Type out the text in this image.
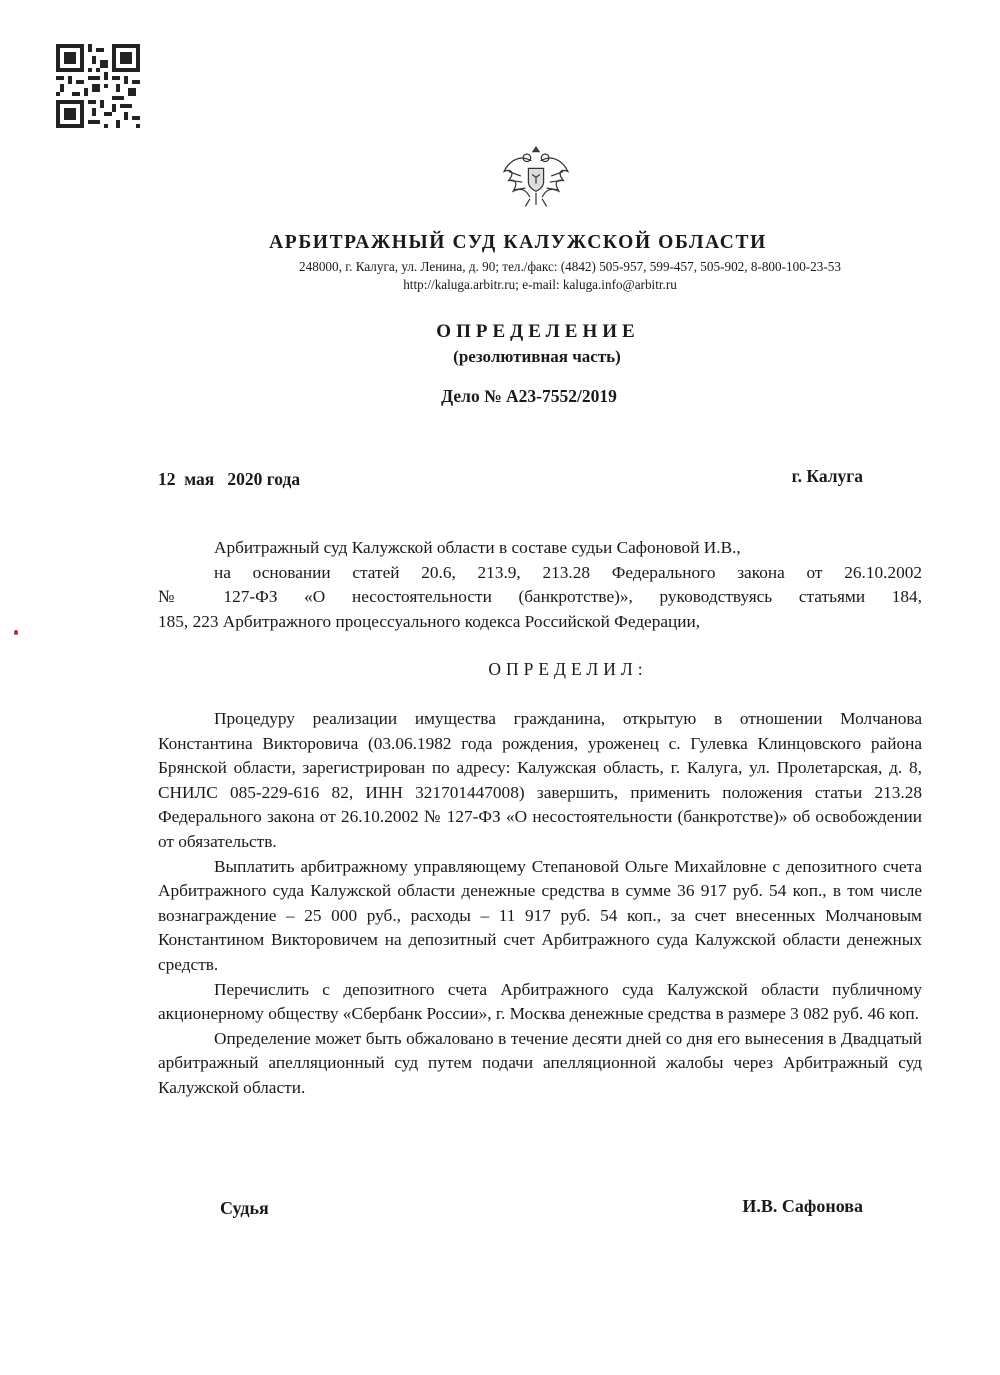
АРБИТРАЖНЫЙ СУД КАЛУЖСКОЙ ОБЛАСТИ
248000, г. Калуга, ул. Ленина, д. 90; тел./факс: (4842) 505-957, 599-457, 505-902, 8-800-100-23-53
http://kaluga.arbitr.ru; e-mail: kaluga.info@arbitr.ru
ОПРЕДЕЛЕНИЕ
(резолютивная часть)
Дело № А23-7552/2019
12  мая   2020 года	г. Калуга
Арбитражный суд Калужской области в составе судьи Сафоновой И.В.,
на основании статей 20.6, 213.9, 213.28 Федерального закона от 26.10.2002
№ 127-ФЗ «О несостоятельности (банкротстве)», руководствуясь статьями 184,
185, 223 Арбитражного процессуального кодекса Российской Федерации,
ОПРЕДЕЛИЛ:

Процедуру реализации имущества гражданина, открытую в отношении Молчанова Константина Викторовича (03.06.1982 года рождения, уроженец с. Гулевка Клинцовского района Брянской области, зарегистрирован по адресу: Калужская область, г. Калуга, ул. Пролетарская, д. 8, СНИЛС 085-229-616 82, ИНН 321701447008) завершить, применить положения статьи 213.28 Федерального закона от 26.10.2002 № 127-ФЗ «О несостоятельности (банкротстве)» об освобождении от обязательств.

Выплатить арбитражному управляющему Степановой Ольге Михайловне с депозитного счета Арбитражного суда Калужской области денежные средства в сумме 36 917 руб. 54 коп., в том числе вознаграждение – 25 000 руб., расходы – 11 917 руб. 54 коп., за счет внесенных Молчановым Константином Викторовичем на депозитный счет Арбитражного суда Калужской области денежных средств.

Перечислить с депозитного счета Арбитражного суда Калужской области публичному акционерному обществу «Сбербанк России», г. Москва денежные средства в размере 3 082 руб. 46 коп.

Определение может быть обжаловано в течение десяти дней со дня его вынесения в Двадцатый арбитражный апелляционный суд путем подачи апелляционной жалобы через Арбитражный суд Калужской области.

Судья	И.В. Сафонова
